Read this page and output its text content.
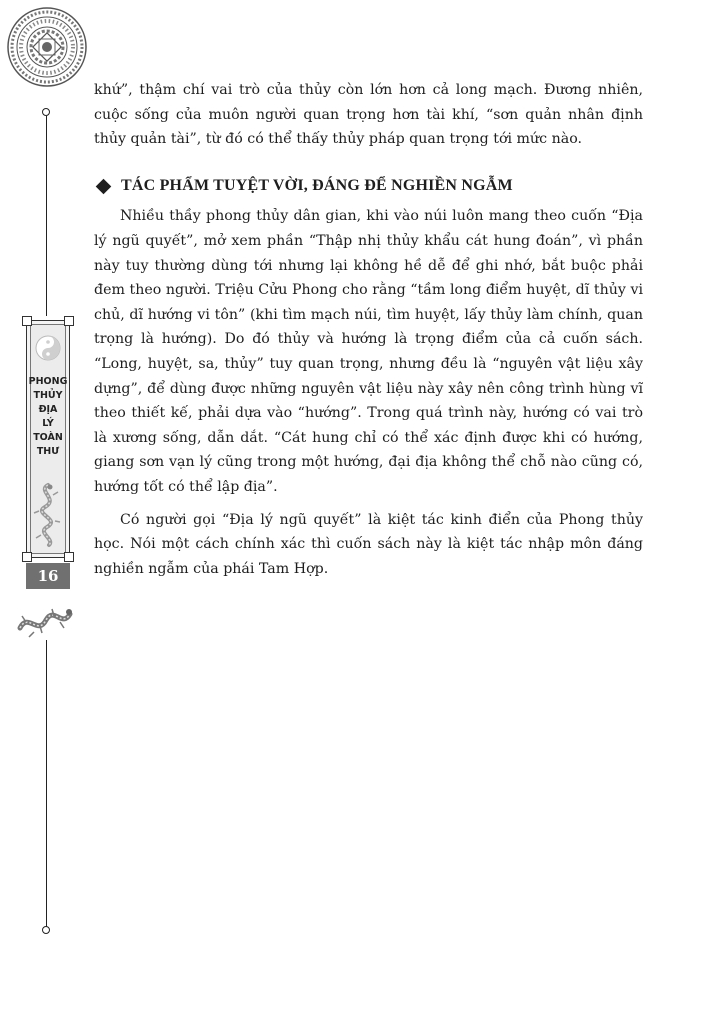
PHONG
THỦY
ĐỊA
LÝ
TOÀN
THƯ
16

khứ”, thậm chí vai trò của thủy còn lớn hơn cả long mạch. Đương nhiên, cuộc sống của muôn người quan trọng hơn tài khí, “sơn quản nhân định thủy quản tài”, từ đó có thể thấy thủy pháp quan trọng tới mức nào.

TÁC PHẨM TUYỆT VỜI, ĐÁNG ĐỂ NGHIỀN NGẪM

Nhiều thầy phong thủy dân gian, khi vào núi luôn mang theo cuốn “Địa lý ngũ quyết”, mở xem phần “Thập nhị thủy khẩu cát hung đoán”, vì phần này tuy thường dùng tới nhưng lại không hề dễ để ghi nhớ, bắt buộc phải đem theo người. Triệu Cửu Phong cho rằng “tầm long điểm huyệt, dĩ thủy vi chủ, dĩ hướng vi tôn” (khi tìm mạch núi, tìm huyệt, lấy thủy làm chính, quan trọng là hướng). Do đó thủy và hướng là trọng điểm của cả cuốn sách. “Long, huyệt, sa, thủy” tuy quan trọng, nhưng đều là “nguyên vật liệu xây dựng”, để dùng được những nguyên vật liệu này xây nên công trình hùng vĩ theo thiết kế, phải dựa vào “hướng”. Trong quá trình này, hướng có vai trò là xương sống, dẫn dắt. “Cát hung chỉ có thể xác định được khi có hướng, giang sơn vạn lý cũng trong một hướng, đại địa không thể chỗ nào cũng có, hướng tốt có thể lập địa”.

Có người gọi “Địa lý ngũ quyết” là kiệt tác kinh điển của Phong thủy học. Nói một cách chính xác thì cuốn sách này là kiệt tác nhập môn đáng nghiền ngẫm của phái Tam Hợp.
